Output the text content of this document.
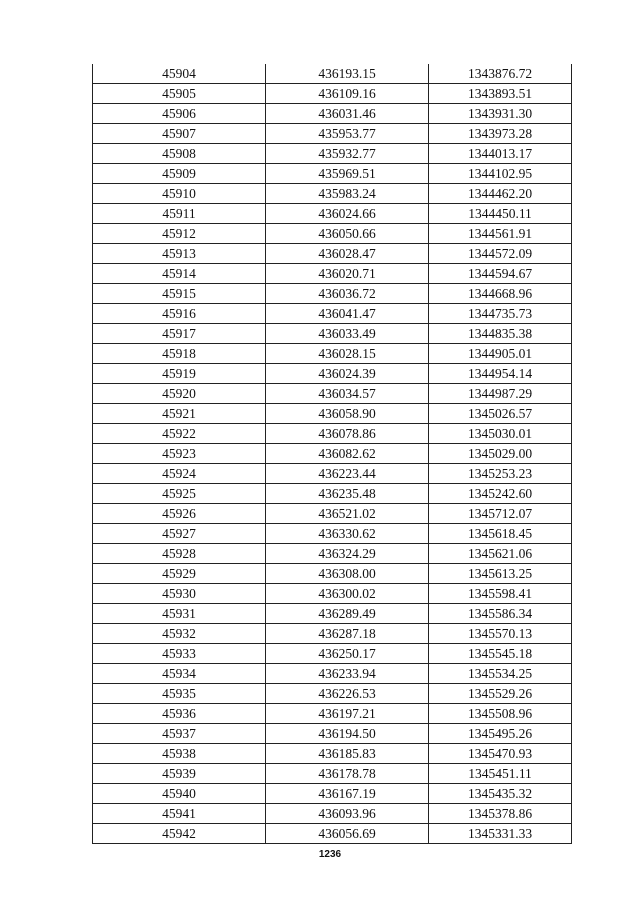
45904	436193.15	1343876.72
45905	436109.16	1343893.51
45906	436031.46	1343931.30
45907	435953.77	1343973.28
45908	435932.77	1344013.17
45909	435969.51	1344102.95
45910	435983.24	1344462.20
45911	436024.66	1344450.11
45912	436050.66	1344561.91
45913	436028.47	1344572.09
45914	436020.71	1344594.67
45915	436036.72	1344668.96
45916	436041.47	1344735.73
45917	436033.49	1344835.38
45918	436028.15	1344905.01
45919	436024.39	1344954.14
45920	436034.57	1344987.29
45921	436058.90	1345026.57
45922	436078.86	1345030.01
45923	436082.62	1345029.00
45924	436223.44	1345253.23
45925	436235.48	1345242.60
45926	436521.02	1345712.07
45927	436330.62	1345618.45
45928	436324.29	1345621.06
45929	436308.00	1345613.25
45930	436300.02	1345598.41
45931	436289.49	1345586.34
45932	436287.18	1345570.13
45933	436250.17	1345545.18
45934	436233.94	1345534.25
45935	436226.53	1345529.26
45936	436197.21	1345508.96
45937	436194.50	1345495.26
45938	436185.83	1345470.93
45939	436178.78	1345451.11
45940	436167.19	1345435.32
45941	436093.96	1345378.86
45942	436056.69	1345331.33
1236
